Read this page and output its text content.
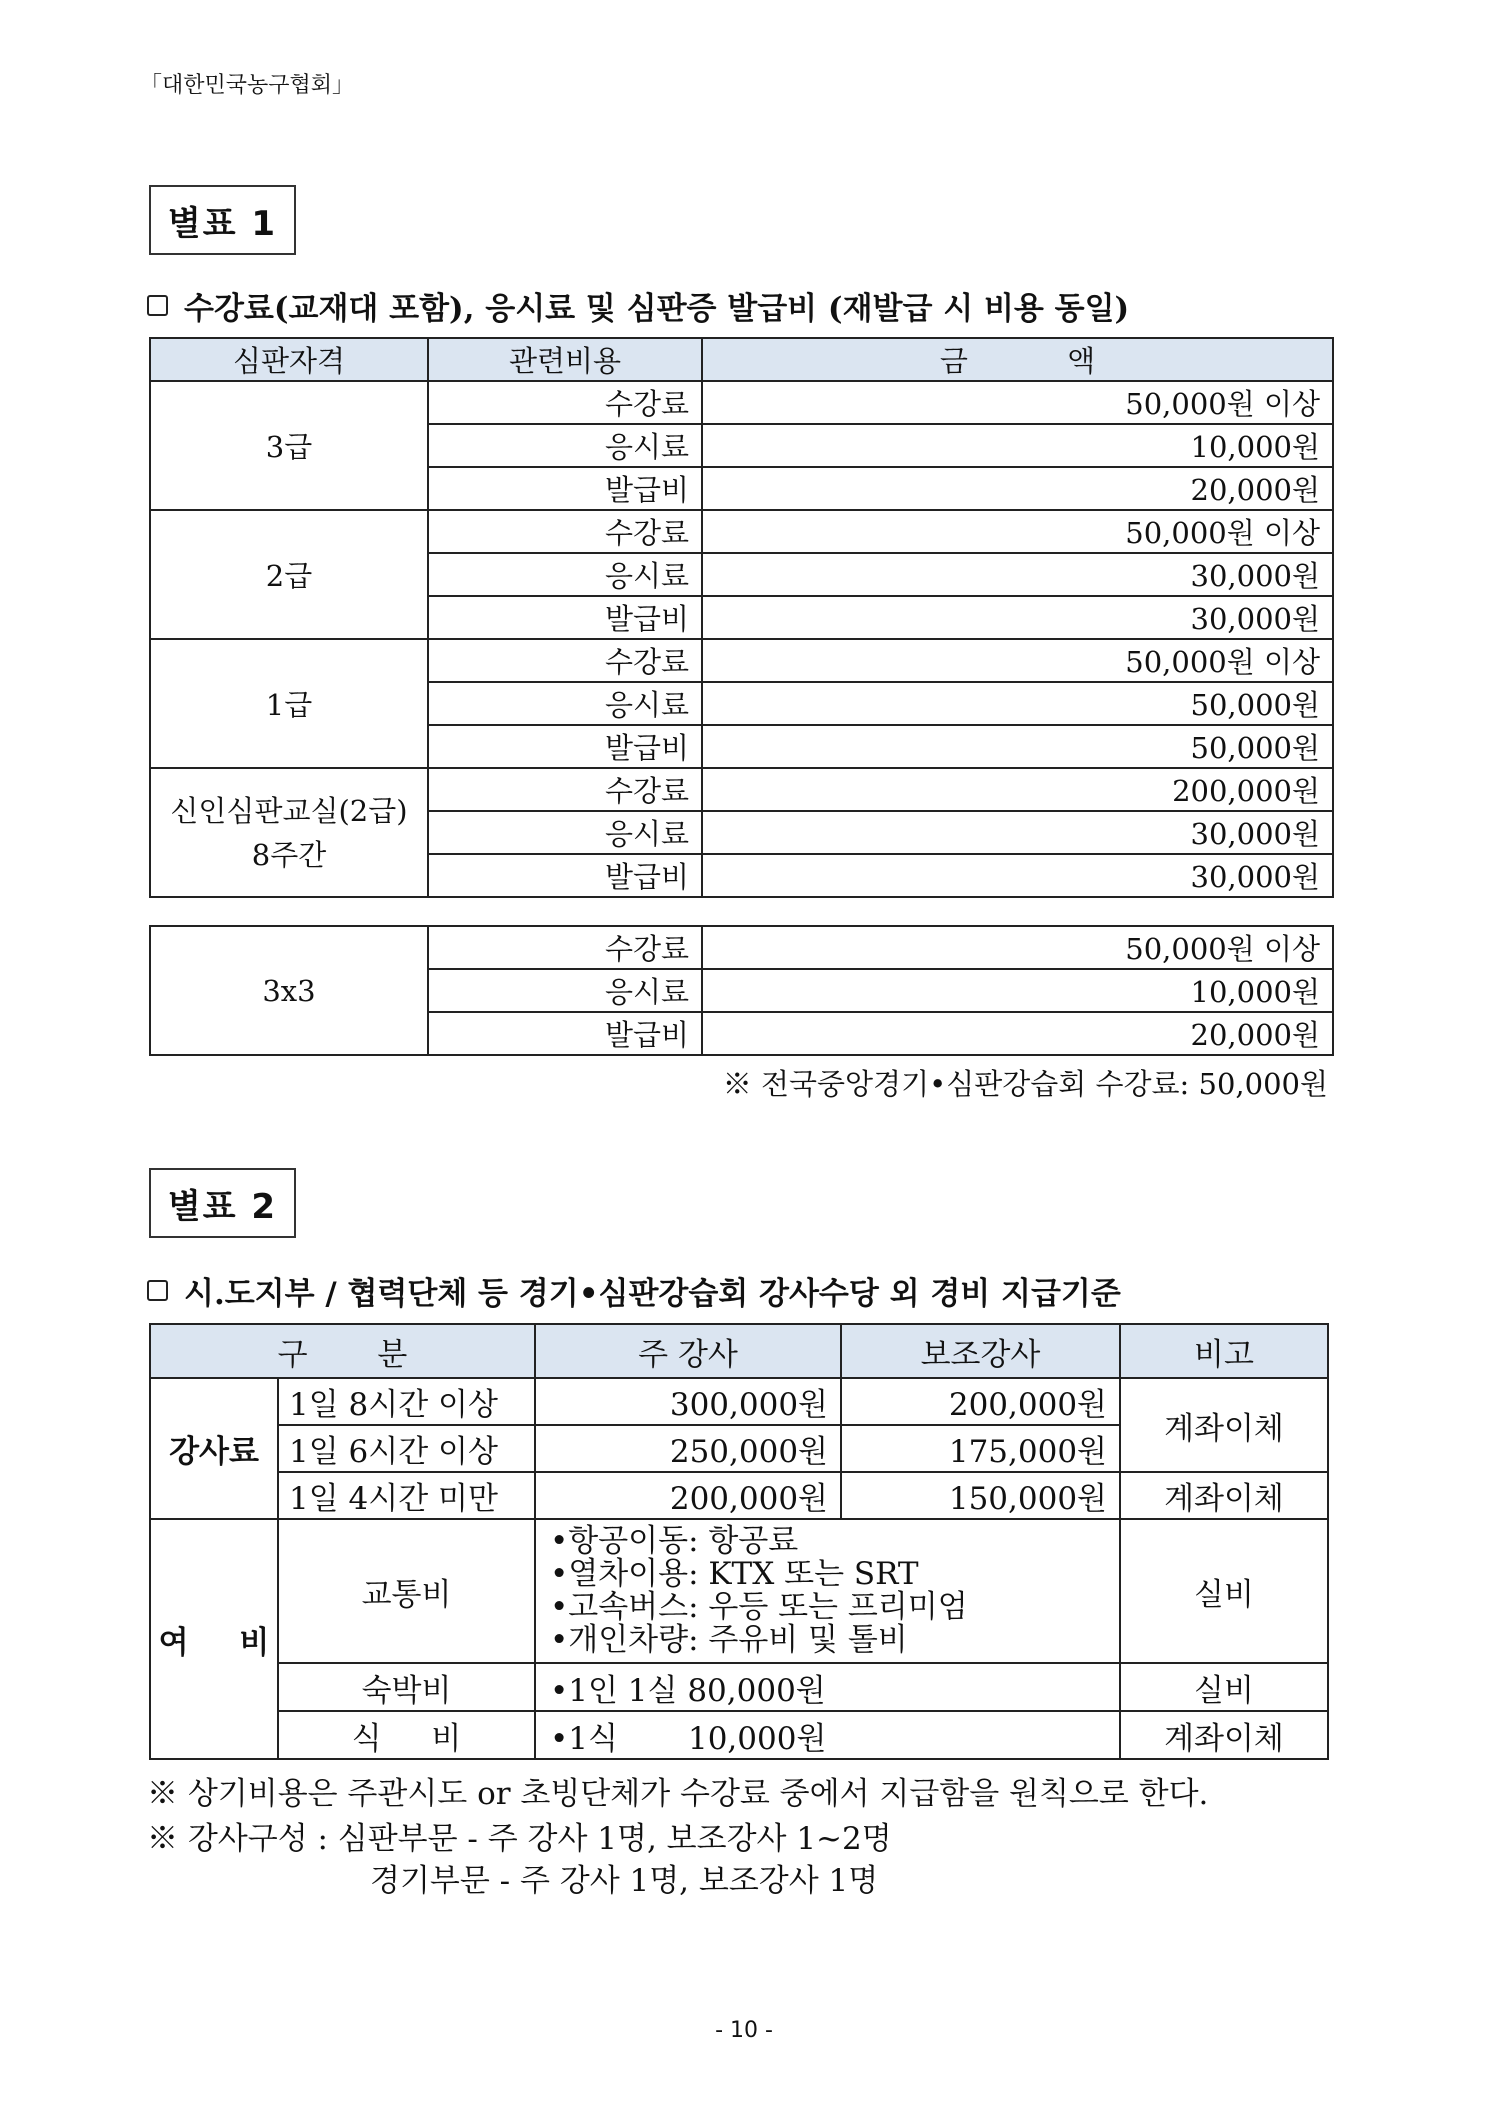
「대한민국농구협회」
별표 1
수강료(교재대 포함), 응시료 및 심판증 발급비 (재발급 시 비용 동일)
심판자격	관련비용	금 액
3급	수강료	50,000원 이상
	응시료	10,000원
	발급비	20,000원
2급	수강료	50,000원 이상
	응시료	30,000원
	발급비	30,000원
1급	수강료	50,000원 이상
	응시료	50,000원
	발급비	50,000원

신인심판교실(2급)
8주간	수강료	200,000원
	응시료	30,000원
	발급비	30,000원
3x3	수강료	50,000원 이상
	응시료	10,000원
	발급비	20,000원
※ 전국중앙경기•심판강습회 수강료: 50,000원
별표 2
시.도지부 / 협력단체 등 경기•심판강습회 강사수당 외 경비 지급기준
구 분		주 강사	보조강사	비고
강사료	1일 8시간 이상	300,000원	200,000원	계좌이체
	1일 6시간 이상	250,000원	175,000원	
	1일 4시간 미만	200,000원	150,000원	계좌이체
여 비	교통비	•항공이동: 항공료
•열차이용: KTX 또는 SRT
•고속버스: 우등 또는 프리미엄
•개인차량: 주유비 및 톨비		실비
	숙박비	•1인 1실 80,000원		실비
	식 비	•1식 10,000원		계좌이체
※ 상기비용은 주관시도 or 초빙단체가 수강료 중에서 지급함을 원칙으로 한다.
※ 강사구성 : 심판부문 - 주 강사 1명, 보조강사 1~2명
경기부문 - 주 강사 1명, 보조강사 1명
- 10 -
